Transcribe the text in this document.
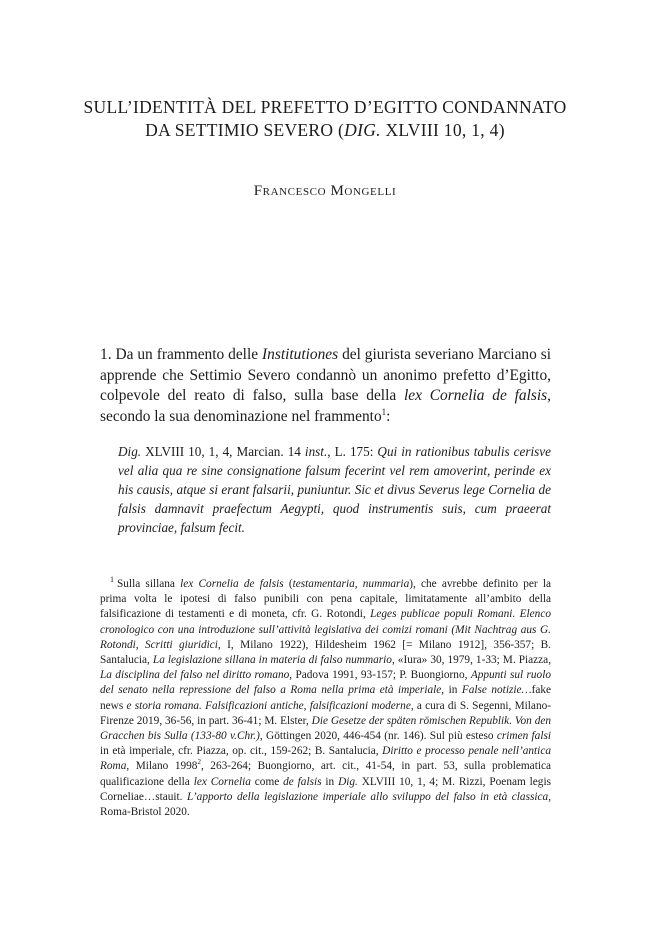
SULL’IDENTITÀ DEL PREFETTO D’EGITTO CONDANNATO
DA SETTIMIO SEVERO (DIG. XLVIII 10, 1, 4)
Francesco Mongelli
1. Da un frammento delle Institutiones del giurista severiano Marciano si apprende che Settimio Severo condannò un anonimo prefetto d’Egitto, colpevole del reato di falso, sulla base della lex Cornelia de falsis, secondo la sua denominazione nel frammento$^1$:
Dig. XLVIII 10, 1, 4, Marcian. 14 inst., L. 175: Qui in rationibus tabulis cerisve vel alia qua re sine consignatione falsum fecerint vel rem amoverint, perinde ex his causis, atque si erant falsarii, puniuntur. Sic et divus Severus lege Cornelia de falsis damnavit praefectum Aegypti, quod instrumentis suis, cum praeerat provinciae, falsum fecit.
$^1$ Sulla sillana lex Cornelia de falsis (testamentaria, nummaria), che avrebbe definito per la prima volta le ipotesi di falso punibili con pena capitale, limitatamente all’ambito della falsificazione di testamenti e di moneta, cfr. G. Rotondi, Leges publicae populi Romani. Elenco cronologico con una introduzione sull’attività legislativa dei comizi romani (Mit Nachtrag aus G. Rotondi, Scritti giuridici, I, Milano 1922), Hildesheim 1962 [= Milano 1912], 356-357; B. Santalucia, La legislazione sillana in materia di falso nummario, «Iura» 30, 1979, 1-33; M. Piazza, La disciplina del falso nel diritto romano, Padova 1991, 93-157; P. Buongiorno, Appunti sul ruolo del senato nella repressione del falso a Roma nella prima età imperiale, in False notizie…fake news e storia romana. Falsificazioni antiche, falsificazioni moderne, a cura di S. Segenni, Milano-Firenze 2019, 36-56, in part. 36-41; M. Elster, Die Gesetze der späten römischen Republik. Von den Gracchen bis Sulla (133-80 v.Chr.), Göttingen 2020, 446-454 (nr. 146). Sul più esteso crimen falsi in età imperiale, cfr. Piazza, op. cit., 159-262; B. Santalucia, Diritto e processo penale nell’antica Roma, Milano 1998$^2$, 263-264; Buongiorno, art. cit., 41-54, in part. 53, sulla problematica qualificazione della lex Cornelia come de falsis in Dig. XLVIII 10, 1, 4; M. Rizzi, Poenam legis Corneliae…stauit. L’apporto della legislazione imperiale allo sviluppo del falso in età classica, Roma-Bristol 2020.
